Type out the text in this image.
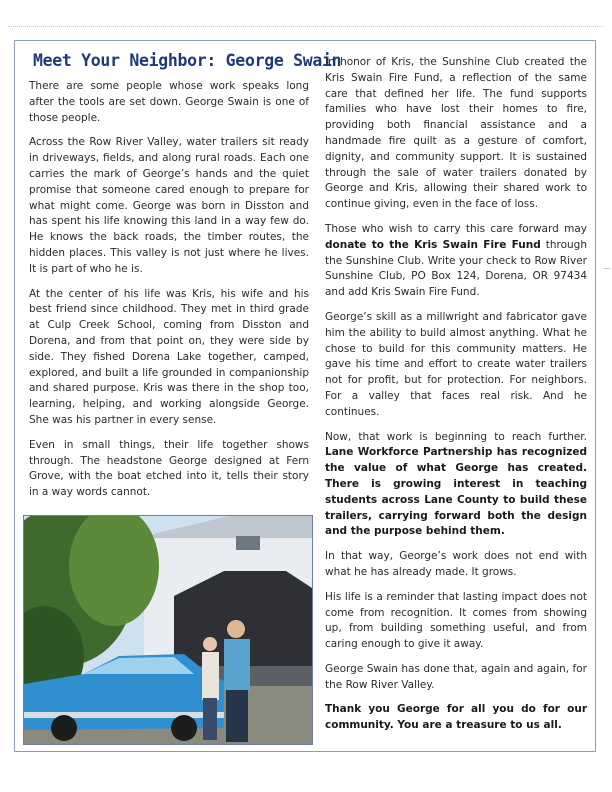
Meet Your Neighbor: George Swain

There are some people whose work speaks long after the tools are set down. George Swain is one of those people.

Across the Row River Valley, water trailers sit ready in driveways, fields, and along rural roads. Each one carries the mark of George’s hands and the quiet promise that someone cared enough to prepare for what might come. George was born in Disston and has spent his life knowing this land in a way few do. He knows the back roads, the timber routes, the hidden places. This valley is not just where he lives. It is part of who he is.

At the center of his life was Kris, his wife and his best friend since childhood. They met in third grade at Culp Creek School, coming from Disston and Dorena, and from that point on, they were side by side. They fished Dorena Lake together, camped, explored, and built a life grounded in companionship and shared purpose. Kris was there in the shop too, learning, helping, and working alongside George. She was his partner in every sense.

Even in small things, their life together shows through. The headstone George designed at Fern Grove, with the boat etched into it, tells their story in a way words cannot.

In honor of Kris, the Sunshine Club created the Kris Swain Fire Fund, a reflection of the same care that defined her life. The fund supports families who have lost their homes to fire, providing both financial assistance and a handmade fire quilt as a gesture of comfort, dignity, and community support. It is sustained through the sale of water trailers donated by George and Kris, allowing their shared work to continue giving, even in the face of loss.

Those who wish to carry this care forward may donate to the Kris Swain Fire Fund through the Sunshine Club. Write your check to Row River Sunshine Club, PO Box 124, Dorena, OR 97434 and add Kris Swain Fire Fund.

George’s skill as a millwright and fabricator gave him the ability to build almost anything. What he chose to build for this community matters. He gave his time and effort to create water trailers not for profit, but for protection. For neighbors. For a valley that faces real risk. And he continues.

Now, that work is beginning to reach further. Lane Workforce Partnership has recognized the value of what George has created. There is growing interest in teaching students across Lane County to build these trailers, carrying forward both the design and the purpose behind them.

In that way, George’s work does not end with what he has already made. It grows.

His life is a reminder that lasting impact does not come from recognition. It comes from showing up, from building something useful, and from caring enough to give it away.

George Swain has done that, again and again, for the Row River Valley.

Thank you George for all you do for our community. You are a treasure to us all.
